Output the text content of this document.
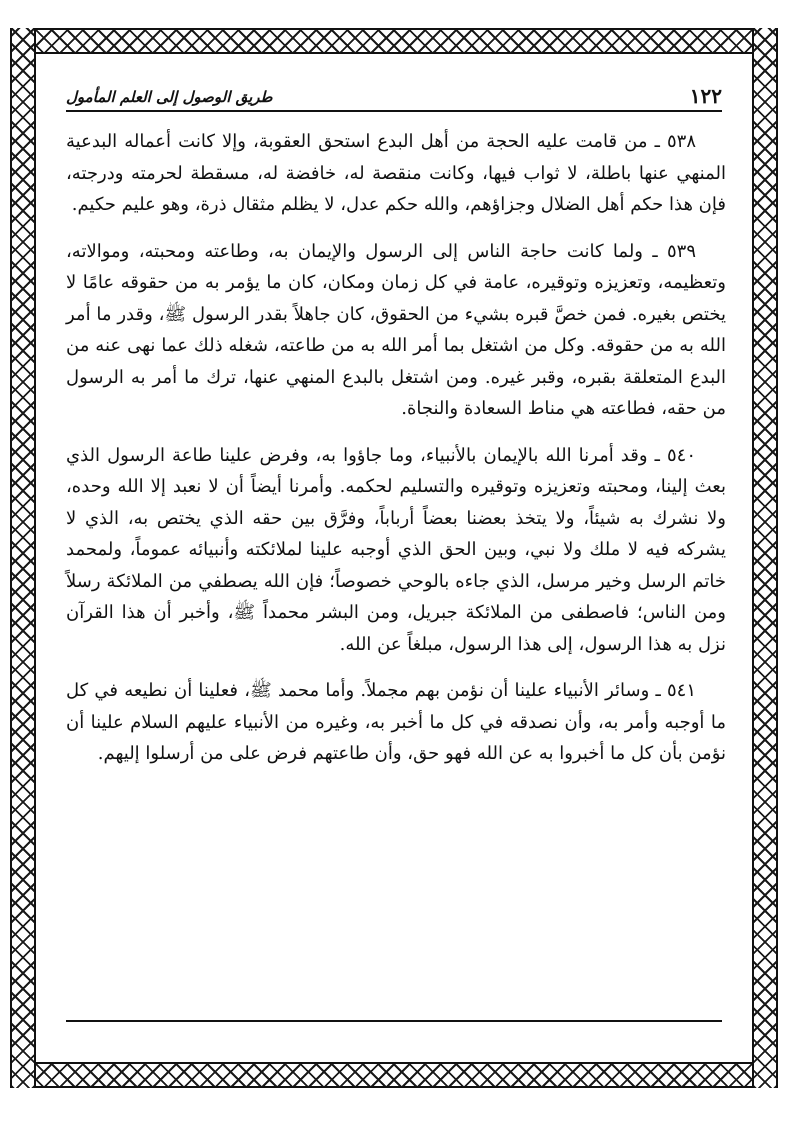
١٢٢
طريق الوصول إلى العلم المأمول

٥٣٨ ـ من قامت عليه الحجة من أهل البدع استحق العقوبة، وإلا كانت أعماله البدعية المنهي عنها باطلة، لا ثواب فيها، وكانت منقصة له، خافضة له، مسقطة لحرمته ودرجته، فإن هذا حكم أهل الضلال وجزاؤهم، والله حكم عدل، لا يظلم مثقال ذرة، وهو عليم حكيم.

٥٣٩ ـ ولما كانت حاجة الناس إلى الرسول والإيمان به، وطاعته ومحبته، وموالاته، وتعظيمه، وتعزيزه وتوقيره، عامة في كل زمان ومكان، كان ما يؤمر به من حقوقه عامًا لا يختص بغيره. فمن خصَّ قبره بشيء من الحقوق، كان جاهلاً بقدر الرسول ﷺ، وقدر ما أمر الله به من حقوقه. وكل من اشتغل بما أمر الله به من طاعته، شغله ذلك عما نهى عنه من البدع المتعلقة بقبره، وقبر غيره. ومن اشتغل بالبدع المنهي عنها، ترك ما أمر به الرسول من حقه، فطاعته هي مناط السعادة والنجاة.

٥٤٠ ـ وقد أمرنا الله بالإيمان بالأنبياء، وما جاؤوا به، وفرض علينا طاعة الرسول الذي بعث إلينا، ومحبته وتعزيزه وتوقيره والتسليم لحكمه. وأمرنا أيضاً أن لا نعبد إلا الله وحده، ولا نشرك به شيئاً، ولا يتخذ بعضنا بعضاً أرباباً، وفرَّق بين حقه الذي يختص به، الذي لا يشركه فيه لا ملك ولا نبي، وبين الحق الذي أوجبه علينا لملائكته وأنبيائه عموماً، ولمحمد خاتم الرسل وخير مرسل، الذي جاءه بالوحي خصوصاً؛ فإن الله يصطفي من الملائكة رسلاً ومن الناس؛ فاصطفى من الملائكة جبريل، ومن البشر محمداً ﷺ، وأخبر أن هذا القرآن نزل به هذا الرسول، إلى هذا الرسول، مبلغاً عن الله.

٥٤١ ـ وسائر الأنبياء علينا أن نؤمن بهم مجملاً. وأما محمد ﷺ، فعلينا أن نطيعه في كل ما أوجبه وأمر به، وأن نصدقه في كل ما أخبر به، وغيره من الأنبياء عليهم السلام علينا أن نؤمن بأن كل ما أخبروا به عن الله فهو حق، وأن طاعتهم فرض على من أرسلوا إليهم.
